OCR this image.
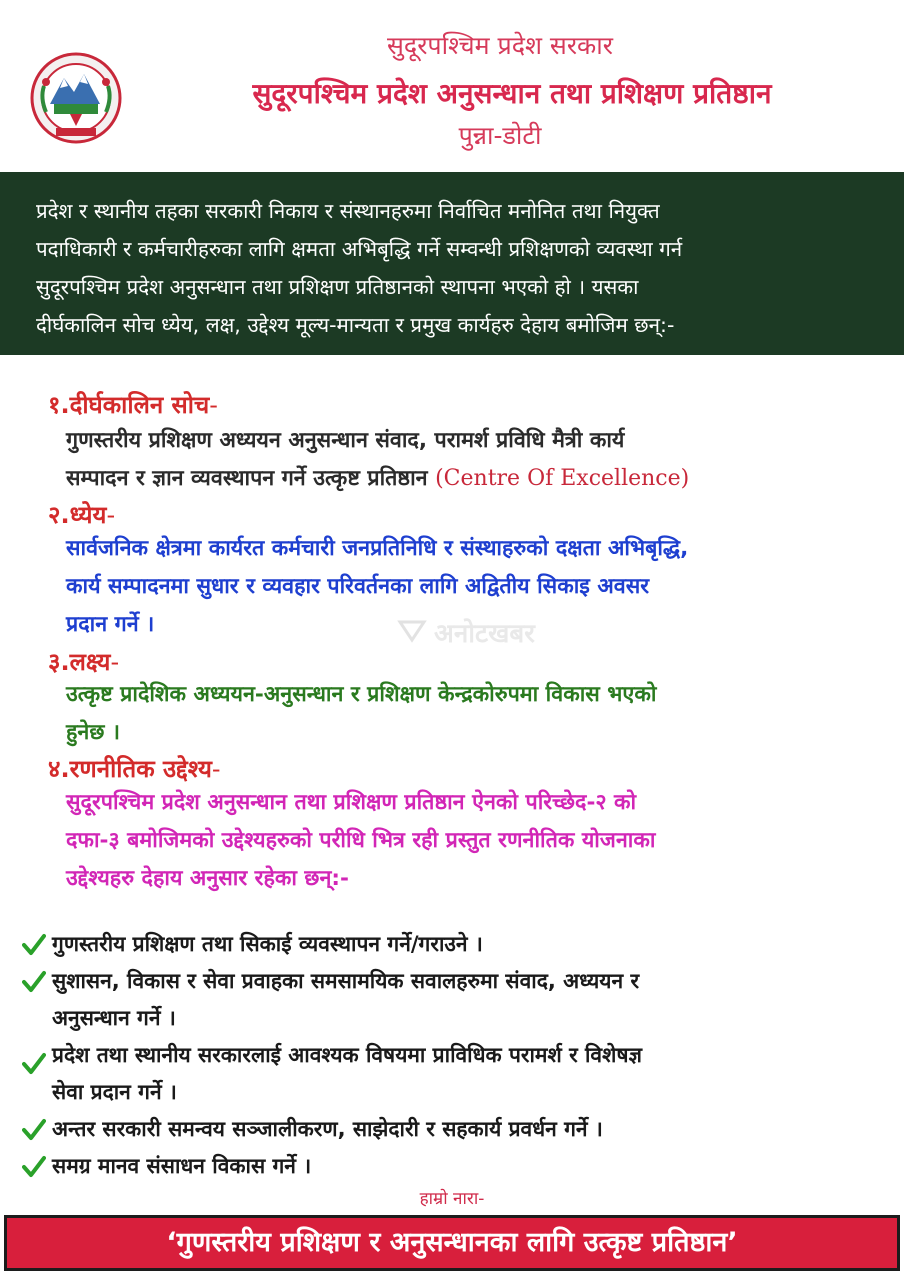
सुदूरपश्चिम प्रदेश सरकार
सुदूरपश्चिम प्रदेश अनुसन्धान तथा प्रशिक्षण प्रतिष्ठान
पुन्ना-डोटी
प्रदेश र स्थानीय तहका सरकारी निकाय र संस्थानहरुमा निर्वाचित मनोनित तथा नियुक्त
पदाधिकारी र कर्मचारीहरुका लागि क्षमता अभिबृद्धि गर्ने सम्वन्धी प्रशिक्षणको व्यवस्था गर्न
सुदूरपश्चिम प्रदेश अनुसन्धान तथा प्रशिक्षण प्रतिष्ठानको स्थापना भएको हो । यसका
दीर्घकालिन सोच ध्येय, लक्ष, उद्देश्य मूल्य-मान्यता र प्रमुख कार्यहरु देहाय बमोजिम छन्:-
अनोटखबर
१.दीर्घकालिन सोच-
गुणस्तरीय प्रशिक्षण अध्ययन अनुसन्धान संवाद, परामर्श प्रविधि मैत्री कार्य
सम्पादन र ज्ञान व्यवस्थापन गर्ने उत्कृष्ट प्रतिष्ठान (Centre Of Excellence)
२.ध्येय-
सार्वजनिक क्षेत्रमा कार्यरत कर्मचारी जनप्रतिनिधि र संस्थाहरुको दक्षता अभिबृद्धि,
कार्य सम्पादनमा सुधार र व्यवहार परिवर्तनका लागि अद्वितीय सिकाइ अवसर
प्रदान गर्ने ।
३.लक्ष्य-
उत्कृष्ट प्रादेशिक अध्ययन-अनुसन्धान र प्रशिक्षण केन्द्रकोरुपमा विकास भएको
हुनेछ ।
४.रणनीतिक उद्देश्य-
सुदूरपश्चिम प्रदेश अनुसन्धान तथा प्रशिक्षण प्रतिष्ठान ऐनको परिच्छेद-२ को
दफा-३ बमोजिमको उद्देश्यहरुको परीधि भित्र रही प्रस्तुत रणनीतिक योजनाका
उद्देश्यहरु देहाय अनुसार रहेका छन्:-
गुणस्तरीय प्रशिक्षण तथा सिकाई व्यवस्थापन गर्ने/गराउने ।
सुशासन, विकास र सेवा प्रवाहका समसामयिक सवालहरुमा संवाद, अध्ययन र
अनुसन्धान गर्ने ।
प्रदेश तथा स्थानीय सरकारलाई आवश्यक विषयमा प्राविधिक परामर्श र विशेषज्ञ
सेवा प्रदान गर्ने ।
अन्तर सरकारी समन्वय सञ्जालीकरण, साझेदारी र सहकार्य प्रवर्धन गर्ने ।
समग्र मानव संसाधन विकास गर्ने ।
हाम्रो नारा-
‘गुणस्तरीय प्रशिक्षण र अनुसन्धानका लागि उत्कृष्ट प्रतिष्ठान’
